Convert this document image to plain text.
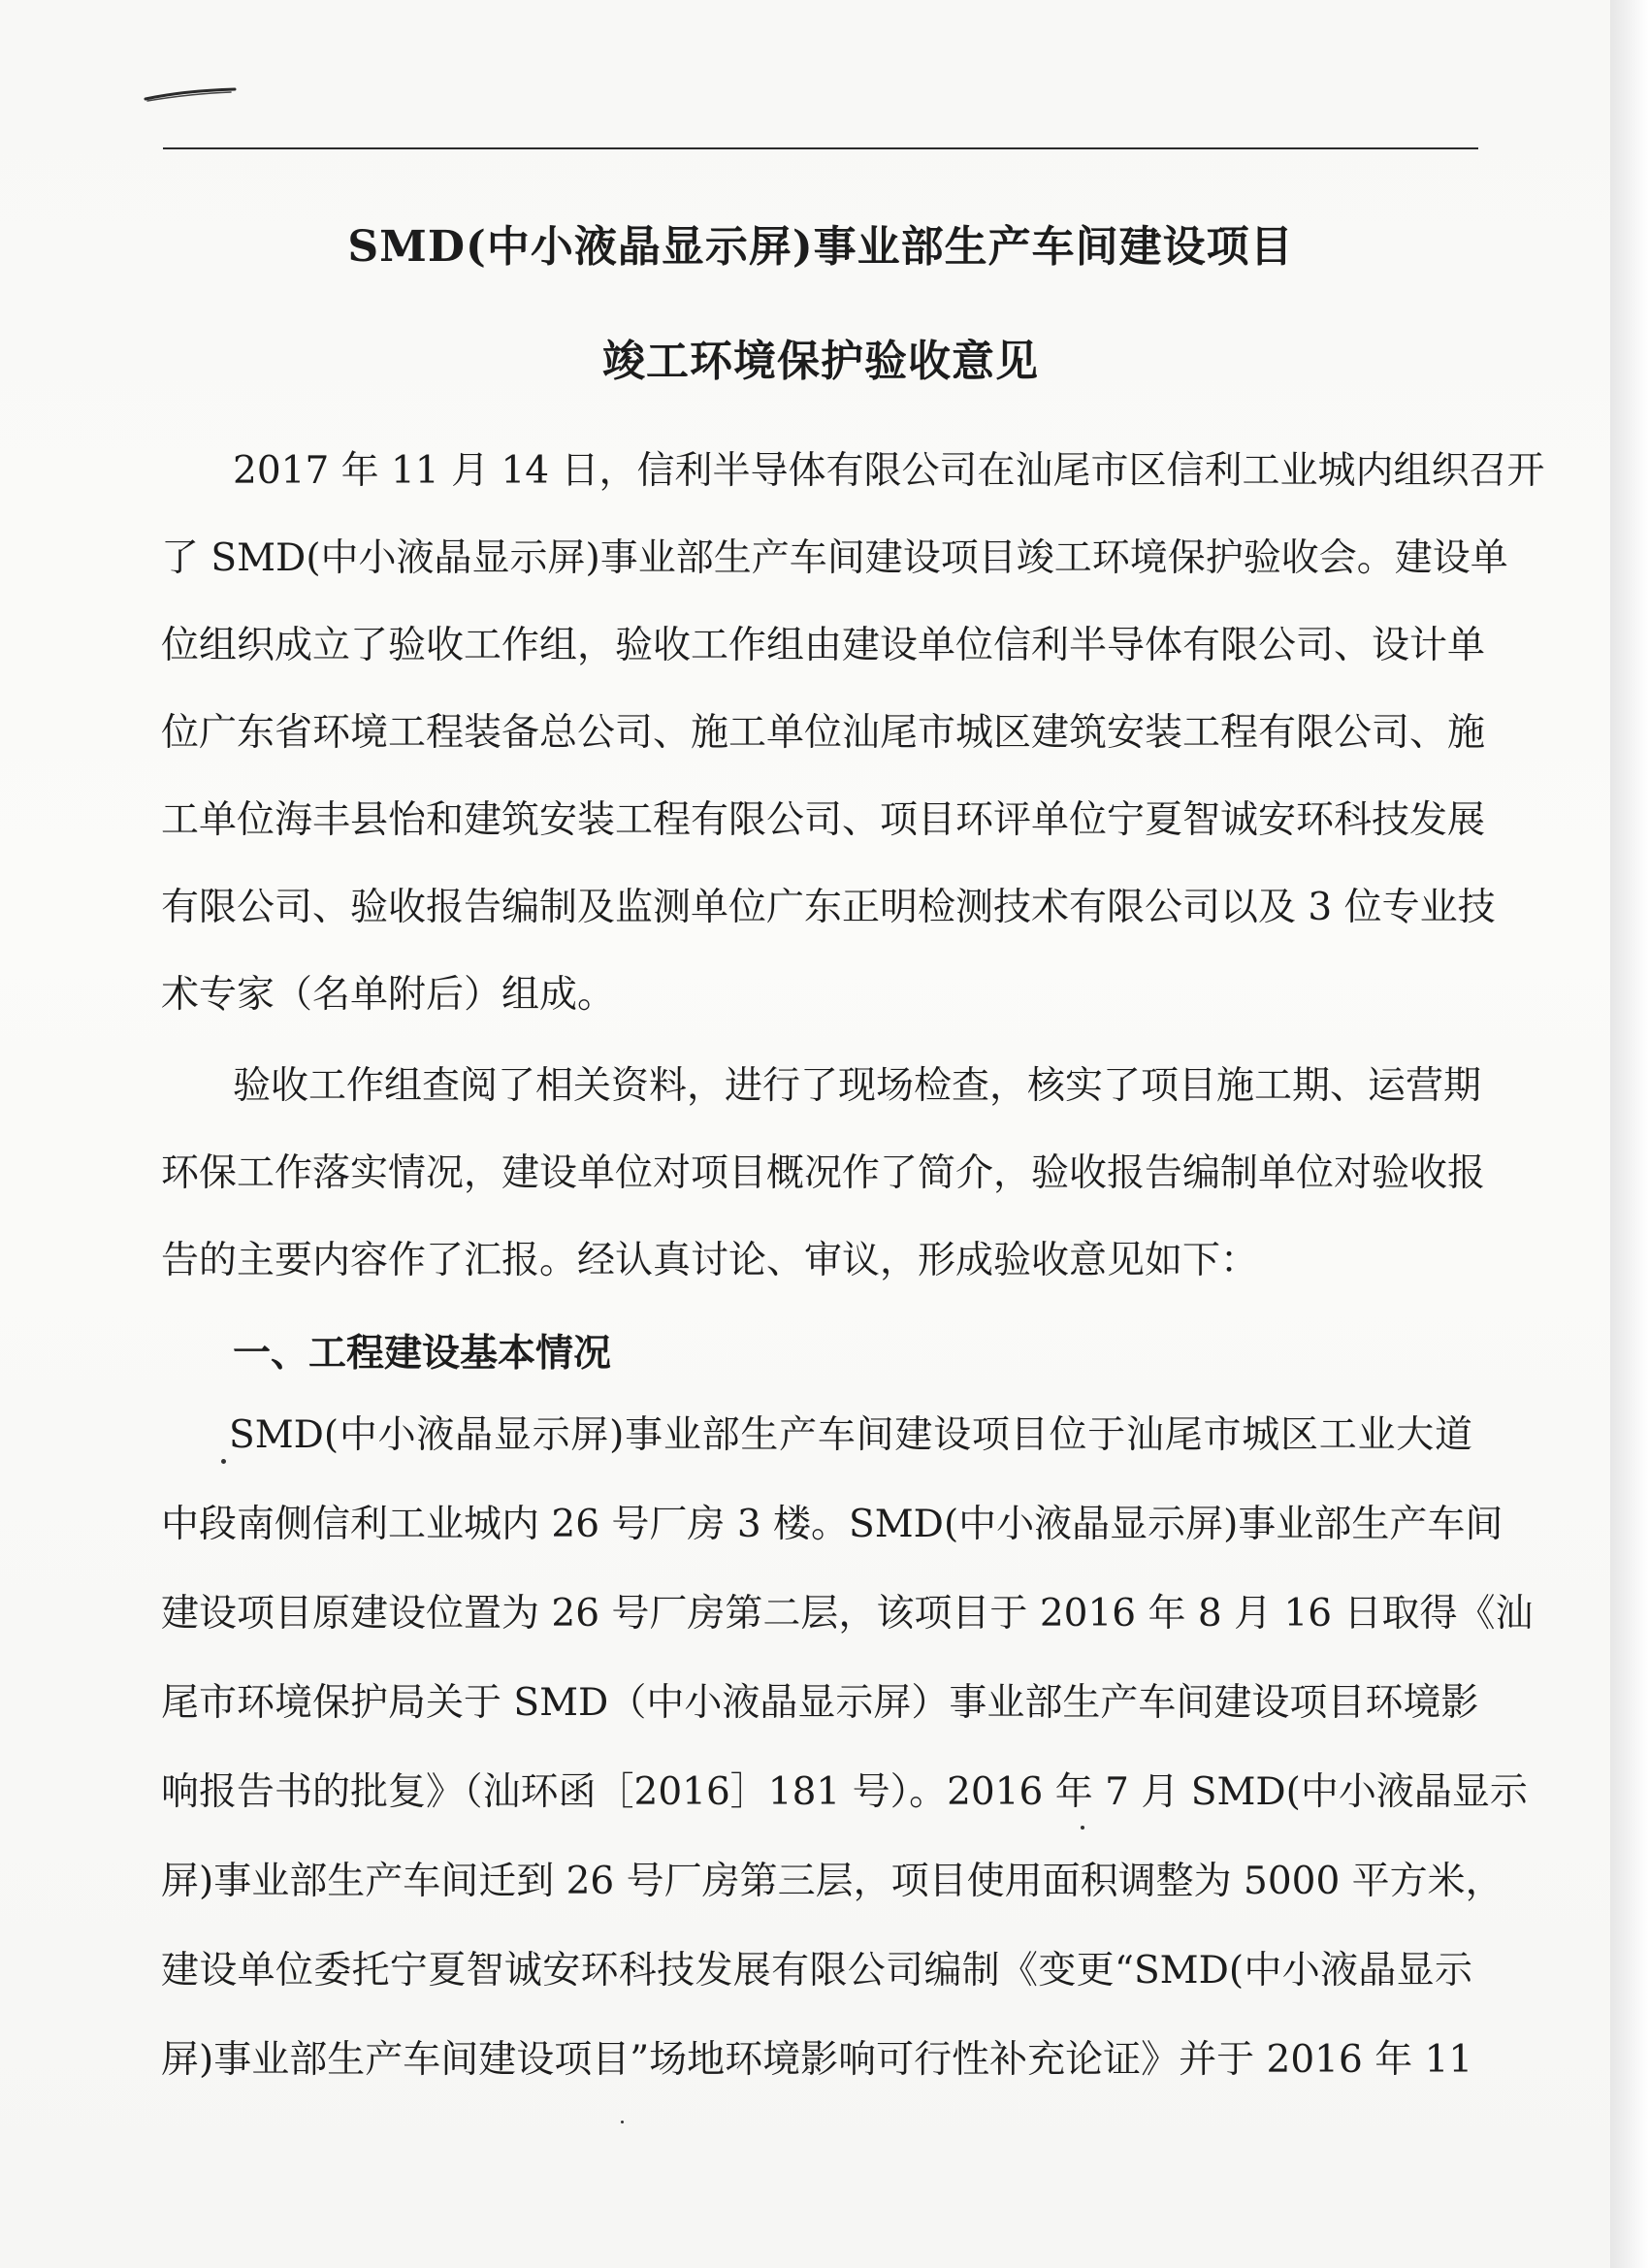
SMD(中小液晶显示屏)事业部生产车间建设项目
竣工环境保护验收意见
2017 年 11 月 14 日，信利半导体有限公司在汕尾市区信利工业城内组织召开
了 SMD(中小液晶显示屏)事业部生产车间建设项目竣工环境保护验收会。建设单
位组织成立了验收工作组，验收工作组由建设单位信利半导体有限公司、设计单
位广东省环境工程装备总公司、施工单位汕尾市城区建筑安装工程有限公司、施
工单位海丰县怡和建筑安装工程有限公司、项目环评单位宁夏智诚安环科技发展
有限公司、验收报告编制及监测单位广东正明检测技术有限公司以及 3 位专业技
术专家（名单附后）组成。
验收工作组查阅了相关资料，进行了现场检查，核实了项目施工期、运营期
环保工作落实情况，建设单位对项目概况作了简介，验收报告编制单位对验收报
告的主要内容作了汇报。经认真讨论、审议，形成验收意见如下：
一、工程建设基本情况
SMD(中小液晶显示屏)事业部生产车间建设项目位于汕尾市城区工业大道
中段南侧信利工业城内 26 号厂房 3 楼。SMD(中小液晶显示屏)事业部生产车间
建设项目原建设位置为 26 号厂房第二层，该项目于 2016 年 8 月 16 日取得《汕
尾市环境保护局关于 SMD（中小液晶显示屏）事业部生产车间建设项目环境影
响报告书的批复》（汕环函［2016］181 号）。2016 年 7 月 SMD(中小液晶显示
屏)事业部生产车间迁到 26 号厂房第三层，项目使用面积调整为 5000 平方米，
建设单位委托宁夏智诚安环科技发展有限公司编制《变更“SMD(中小液晶显示
屏)事业部生产车间建设项目”场地环境影响可行性补充论证》并于 2016 年 11
